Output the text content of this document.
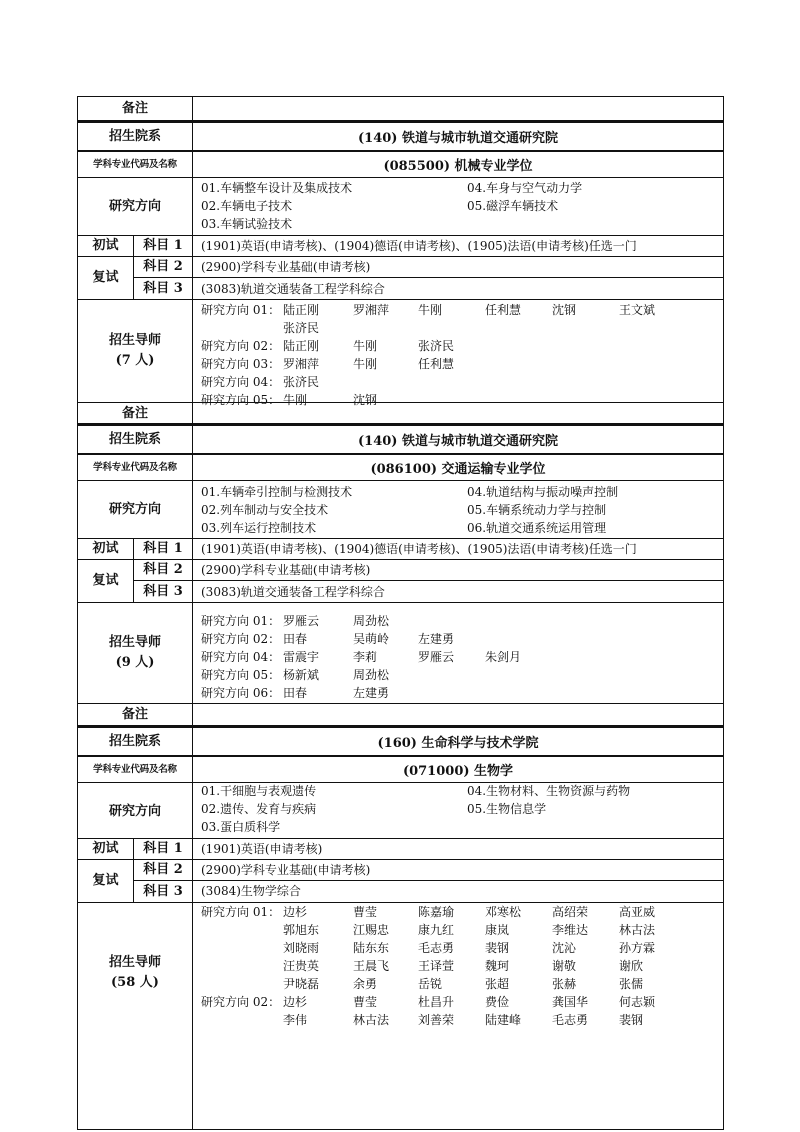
备注
招生院系	(140) 铁道与城市轨道交通研究院
学科专业代码及名称	(085500) 机械专业学位
研究方向
01.车辆整车设计及集成技术	04.车身与空气动力学
02.车辆电子技术	05.磁浮车辆技术
03.车辆试验技术
初试	科目 1	(1901)英语(申请考核)、(1904)德语(申请考核)、(1905)法语(申请考核)任选一门
复试
科目 2	(2900)学科专业基础(申请考核)
科目 3	(3083)轨道交通装备工程学科综合
招生导师
(7 人)
研究方向 01： 陆正刚	罗湘萍 牛刚	任利慧	沈钢	王文斌
张济民
研究方向 02： 陆正刚	牛刚	张济民
研究方向 03： 罗湘萍	牛刚	任利慧
研究方向 04： 张济民
研究方向 05： 牛刚	沈钢
备注
招生院系	(140) 铁道与城市轨道交通研究院
学科专业代码及名称	(086100) 交通运输专业学位
研究方向
01.车辆牵引控制与检测技术	04.轨道结构与振动噪声控制
02.列车制动与安全技术	05.车辆系统动力学与控制
03.列车运行控制技术	06.轨道交通系统运用管理
初试	科目 1	(1901)英语(申请考核)、(1904)德语(申请考核)、(1905)法语(申请考核)任选一门
复试
科目 2	(2900)学科专业基础(申请考核)
科目 3	(3083)轨道交通装备工程学科综合
招生导师
(9 人)
研究方向 01： 罗雁云	周劲松
研究方向 02： 田春	吴萌岭 左建勇
研究方向 04： 雷震宇	李莉	罗雁云	朱剑月
研究方向 05： 杨新斌	周劲松
研究方向 06： 田春	左建勇
备注
招生院系	(160) 生命科学与技术学院
学科专业代码及名称	(071000) 生物学
研究方向
01.干细胞与表观遗传	04.生物材料、生物资源与药物
02.遗传、发育与疾病	05.生物信息学
03.蛋白质科学
初试	科目 1	(1901)英语(申请考核)
复试
科目 2	(2900)学科专业基础(申请考核)
科目 3	(3084)生物学综合
招生导师
(58 人)
研究方向 01： 边杉	曹莹	陈嘉瑜	邓寒松	高绍荣	高亚威
郭旭东	江赐忠 康九红	康岚	李维达	林古法
刘晓雨	陆东东 毛志勇	裴钢	沈沁	孙方霖
汪贵英	王晨飞 王译萱	魏珂	谢敬	谢欣
尹晓磊	余勇	岳锐	张超	张赫	张儒
研究方向 02： 边杉	曹莹	杜昌升	费俭	龚国华	何志颖
李伟	林古法 刘善荣	陆建峰	毛志勇	裴钢
